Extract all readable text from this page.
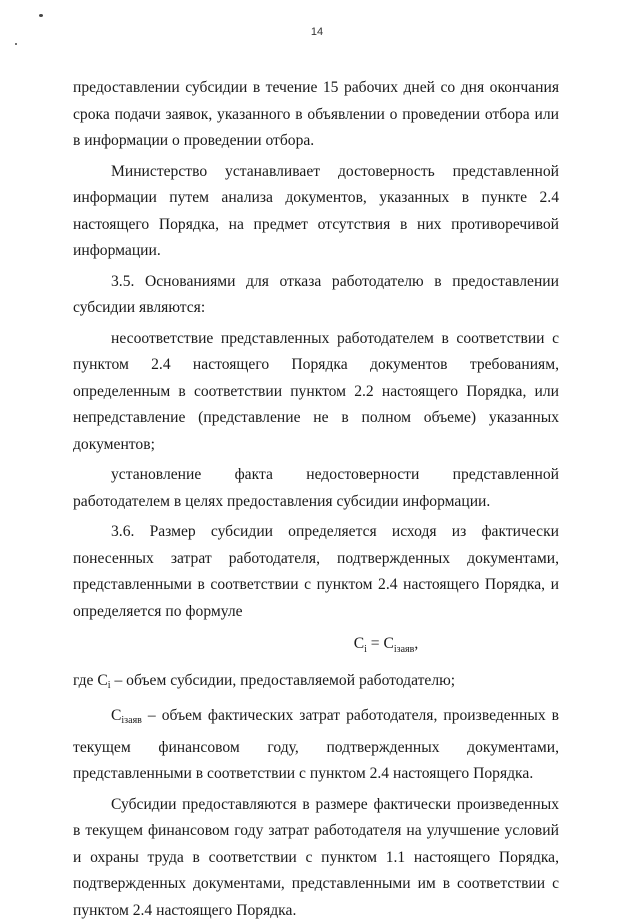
14

предоставлении субсидии в течение 15 рабочих дней со дня окончания срока подачи заявок, указанного в объявлении о проведении отбора или в информации о проведении отбора.

Министерство устанавливает достоверность представленной информации путем анализа документов, указанных в пункте 2.4 настоящего Порядка, на предмет отсутствия в них противоречивой информации.

3.5. Основаниями для отказа работодателю в предоставлении субсидии являются:

несоответствие представленных работодателем в соответствии с пунктом 2.4 настоящего Порядка документов требованиям, определенным в соответствии пунктом 2.2 настоящего Порядка, или непредставление (представление не в полном объеме) указанных документов;

установление факта недостоверности представленной работодателем в целях предоставления субсидии информации.

3.6. Размер субсидии определяется исходя из фактически понесенных затрат работодателя, подтвержденных документами, представленными в соответствии с пунктом 2.4 настоящего Порядка, и определяется по формуле

$C_i = C_{iзаяв}$,

где $C_i$ – объем субсидии, предоставляемой работодателю;

$C_{iзаяв}$ – объем фактических затрат работодателя, произведенных в текущем финансовом году, подтвержденных документами, представленными в соответствии с пунктом 2.4 настоящего Порядка.

Субсидии предоставляются в размере фактически произведенных в текущем финансовом году затрат работодателя на улучшение условий и охраны труда в соответствии с пунктом 1.1 настоящего Порядка, подтвержденных документами, представленными им в соответствии с пунктом 2.4 настоящего Порядка.
